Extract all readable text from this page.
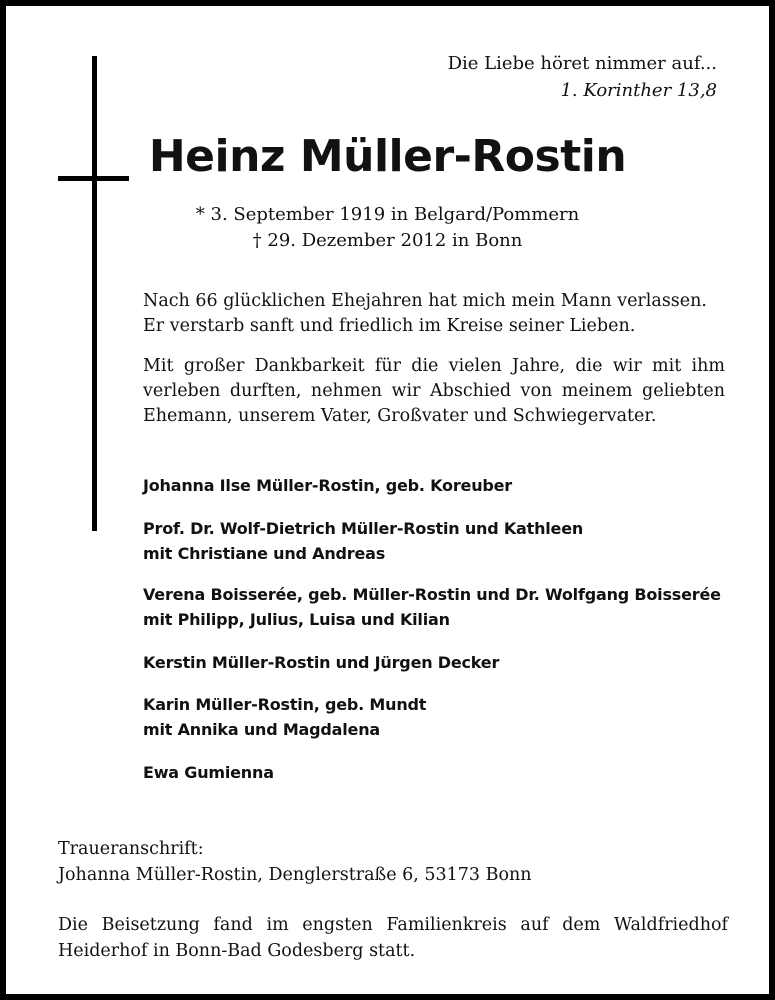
Die Liebe höret nimmer auf...
1. Korinther 13,8
Heinz Müller-Rostin
* 3. September 1919 in Belgard/Pommern
† 29. Dezember 2012 in Bonn
Nach 66 glücklichen Ehejahren hat mich mein Mann verlassen.
Er verstarb sanft und friedlich im Kreise seiner Lieben.
Mit großer Dankbarkeit für die vielen Jahre, die wir mit ihm verleben durften, nehmen wir Abschied von meinem geliebten Ehemann, unserem Vater, Großvater und Schwiegervater.
Johanna Ilse Müller-Rostin, geb. Koreuber
Prof. Dr. Wolf-Dietrich Müller-Rostin und Kathleen
mit Christiane und Andreas
Verena Boisserée, geb. Müller-Rostin und Dr. Wolfgang Boisserée
mit Philipp, Julius, Luisa und Kilian
Kerstin Müller-Rostin und Jürgen Decker
Karin Müller-Rostin, geb. Mundt
mit Annika und Magdalena
Ewa Gumienna
Traueranschrift:
Johanna Müller-Rostin, Denglerstraße 6, 53173 Bonn
Die Beisetzung fand im engsten Familienkreis auf dem Waldfriedhof Heiderhof in Bonn-Bad Godesberg statt.
